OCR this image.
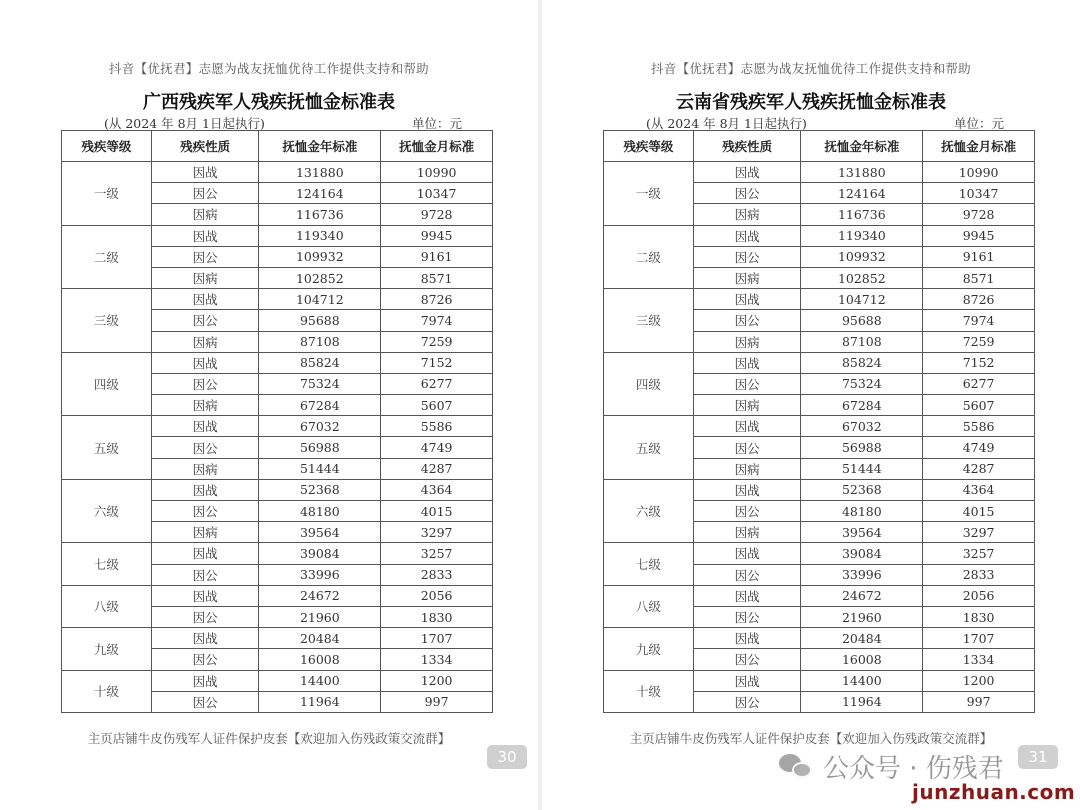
抖音【优抚君】志愿为战友抚恤优待工作提供支持和帮助
广西残疾军人残疾抚恤金标准表
(从 2024 年 8月 1日起执行)	单位：元
残疾等级	残疾性质	抚恤金年标准	抚恤金月标准
一级	因战	131880	10990
	因公	124164	10347
	因病	116736	9728
二级	因战	119340	9945
	因公	109932	9161
	因病	102852	8571
三级	因战	104712	8726
	因公	95688	7974
	因病	87108	7259
四级	因战	85824	7152
	因公	75324	6277
	因病	67284	5607
五级	因战	67032	5586
	因公	56988	4749
	因病	51444	4287
六级	因战	52368	4364
	因公	48180	4015
	因病	39564	3297
七级	因战	39084	3257
	因公	33996	2833
八级	因战	24672	2056
	因公	21960	1830
九级	因战	20484	1707
	因公	16008	1334
十级	因战	14400	1200
	因公	11964	997
主页店铺牛皮伤残军人证件保护皮套【欢迎加入伤残政策交流群】
30
抖音【优抚君】志愿为战友抚恤优待工作提供支持和帮助
云南省残疾军人残疾抚恤金标准表
(从 2024 年 8月 1日起执行)	单位：元
残疾等级	残疾性质	抚恤金年标准	抚恤金月标准
一级	因战	131880	10990
	因公	124164	10347
	因病	116736	9728
二级	因战	119340	9945
	因公	109932	9161
	因病	102852	8571
三级	因战	104712	8726
	因公	95688	7974
	因病	87108	7259
四级	因战	85824	7152
	因公	75324	6277
	因病	67284	5607
五级	因战	67032	5586
	因公	56988	4749
	因病	51444	4287
六级	因战	52368	4364
	因公	48180	4015
	因病	39564	3297
七级	因战	39084	3257
	因公	33996	2833
八级	因战	24672	2056
	因公	21960	1830
九级	因战	20484	1707
	因公	16008	1334
十级	因战	14400	1200
	因公	11964	997
主页店铺牛皮伤残军人证件保护皮套【欢迎加入伤残政策交流群】
31
公众号 · 伤残君
junzhuan.com
